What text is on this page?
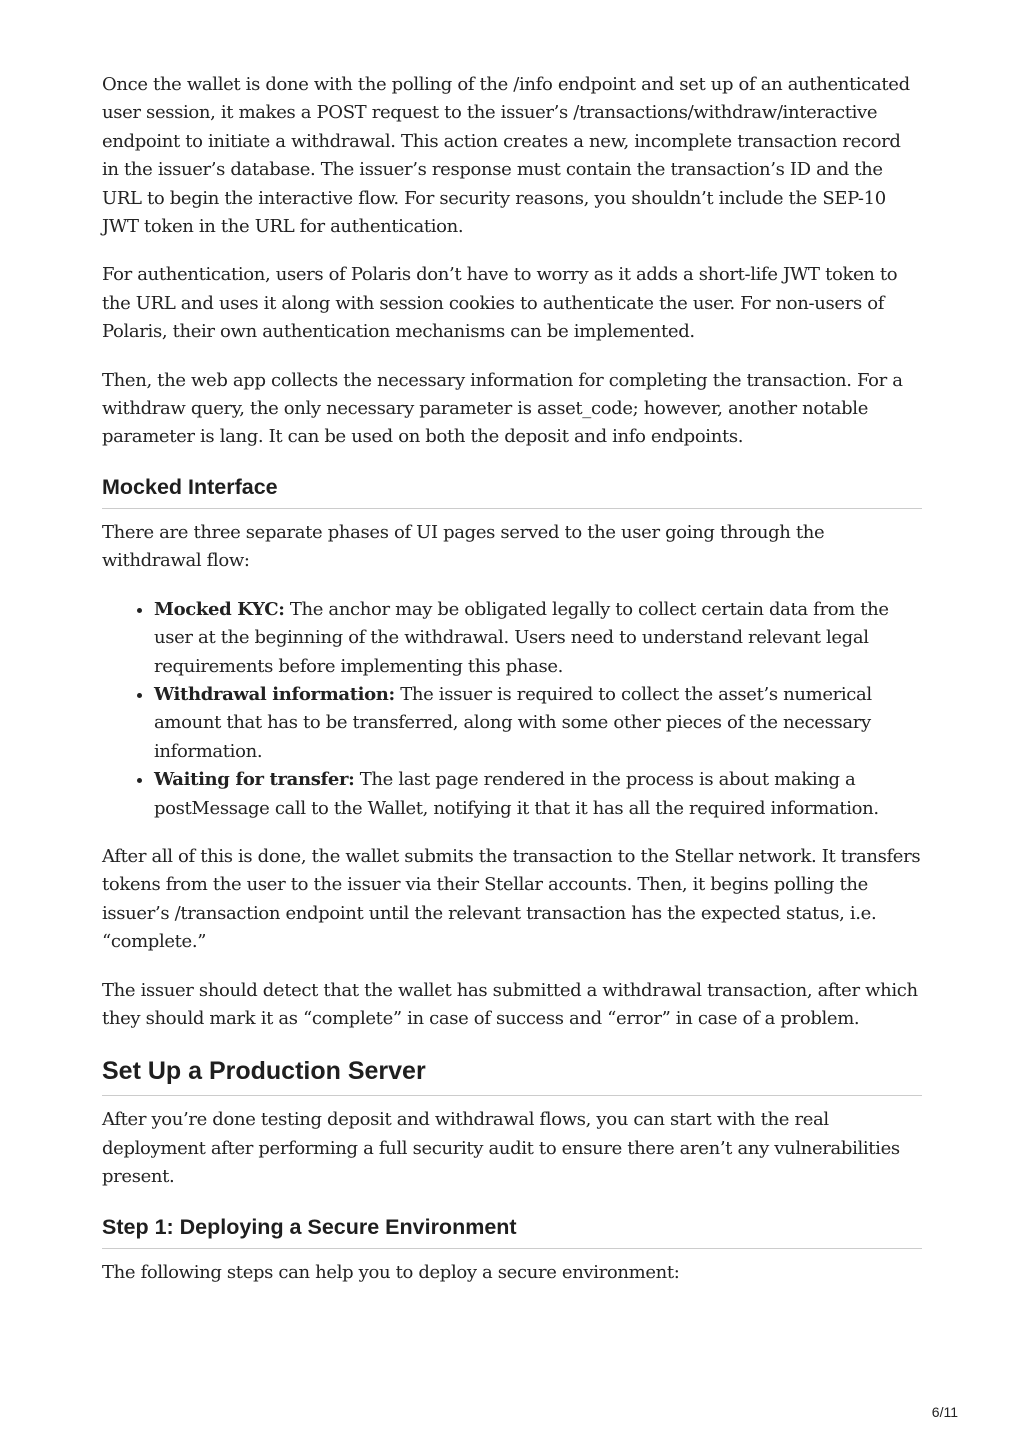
Once the wallet is done with the polling of the /info endpoint and set up of an authenticated user session, it makes a POST request to the issuer’s /transactions/withdraw/interactive endpoint to initiate a withdrawal. This action creates a new, incomplete transaction record in the issuer’s database. The issuer’s response must contain the transaction’s ID and the URL to begin the interactive flow. For security reasons, you shouldn’t include the SEP-10 JWT token in the URL for authentication.

For authentication, users of Polaris don’t have to worry as it adds a short-life JWT token to the URL and uses it along with session cookies to authenticate the user. For non-users of Polaris, their own authentication mechanisms can be implemented.

Then, the web app collects the necessary information for completing the transaction. For a withdraw query, the only necessary parameter is asset_code; however, another notable parameter is lang. It can be used on both the deposit and info endpoints.

Mocked Interface

There are three separate phases of UI pages served to the user going through the withdrawal flow:

• Mocked KYC: The anchor may be obligated legally to collect certain data from the user at the beginning of the withdrawal. Users need to understand relevant legal requirements before implementing this phase.
• Withdrawal information: The issuer is required to collect the asset’s numerical amount that has to be transferred, along with some other pieces of the necessary information.
• Waiting for transfer: The last page rendered in the process is about making a postMessage call to the Wallet, notifying it that it has all the required information.

After all of this is done, the wallet submits the transaction to the Stellar network. It transfers tokens from the user to the issuer via their Stellar accounts. Then, it begins polling the issuer’s /transaction endpoint until the relevant transaction has the expected status, i.e. “complete.”

The issuer should detect that the wallet has submitted a withdrawal transaction, after which they should mark it as “complete” in case of success and “error” in case of a problem.

Set Up a Production Server

After you’re done testing deposit and withdrawal flows, you can start with the real deployment after performing a full security audit to ensure there aren’t any vulnerabilities present.

Step 1: Deploying a Secure Environment

The following steps can help you to deploy a secure environment:

6/11
